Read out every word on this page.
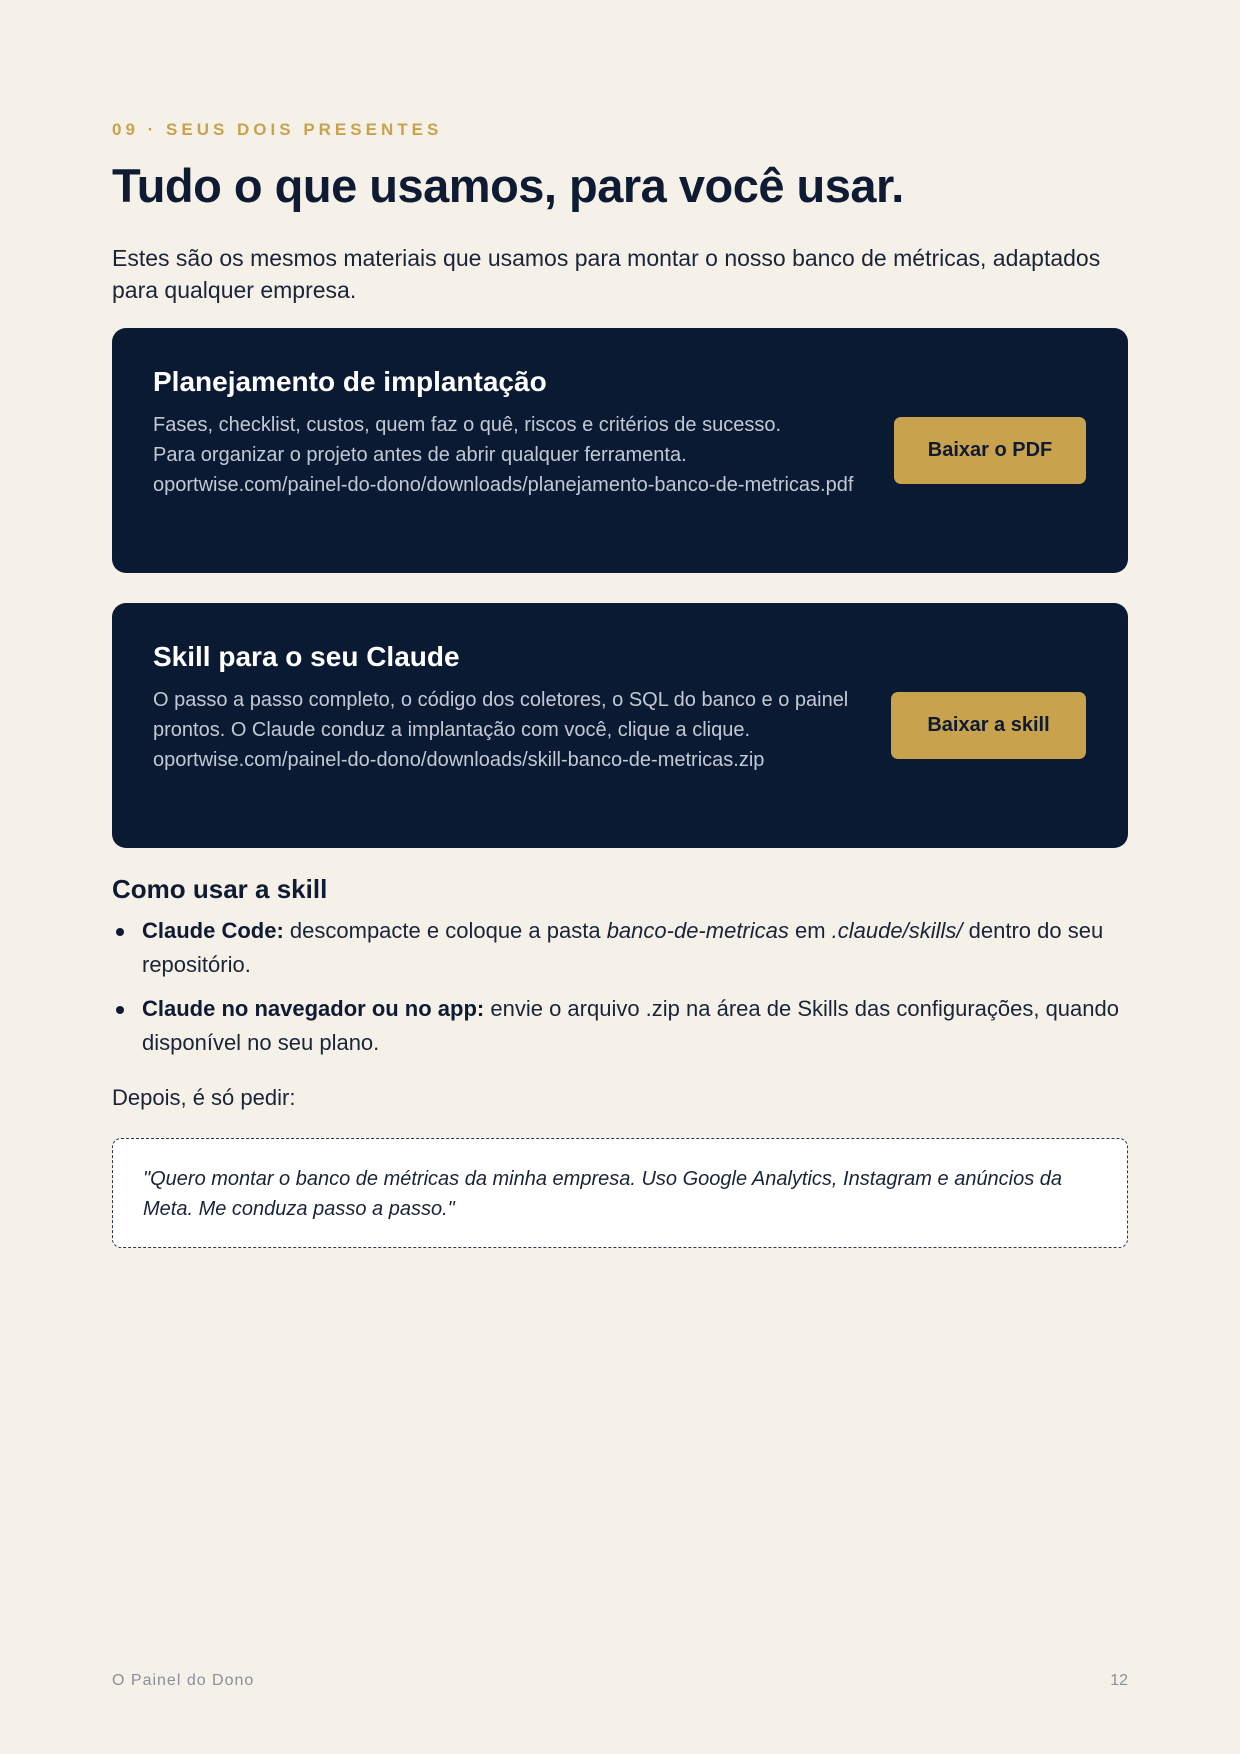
09 · SEUS DOIS PRESENTES
Tudo o que usamos, para você usar.

Estes são os mesmos materiais que usamos para montar o nosso banco de métricas, adaptados para qualquer empresa.

Planejamento de implantação
Fases, checklist, custos, quem faz o quê, riscos e critérios de sucesso.
Para organizar o projeto antes de abrir qualquer ferramenta.
oportwise.com/painel-do-dono/downloads/planejamento-banco-de-metricas.pdf
Baixar o PDF
Skill para o seu Claude
O passo a passo completo, o código dos coletores, o SQL do banco e o painel prontos. O Claude conduz a implantação com você, clique a clique.
oportwise.com/painel-do-dono/downloads/skill-banco-de-metricas.zip
Baixar a skill
Como usar a skill
Claude Code: descompacte e coloque a pasta banco-de-metricas em .claude/skills/ dentro do seu repositório.
Claude no navegador ou no app: envie o arquivo .zip na área de Skills das configurações, quando disponível no seu plano.

Depois, é só pedir:

"Quero montar o banco de métricas da minha empresa. Uso Google Analytics, Instagram e anúncios da Meta. Me conduza passo a passo."
O Painel do Dono	12
